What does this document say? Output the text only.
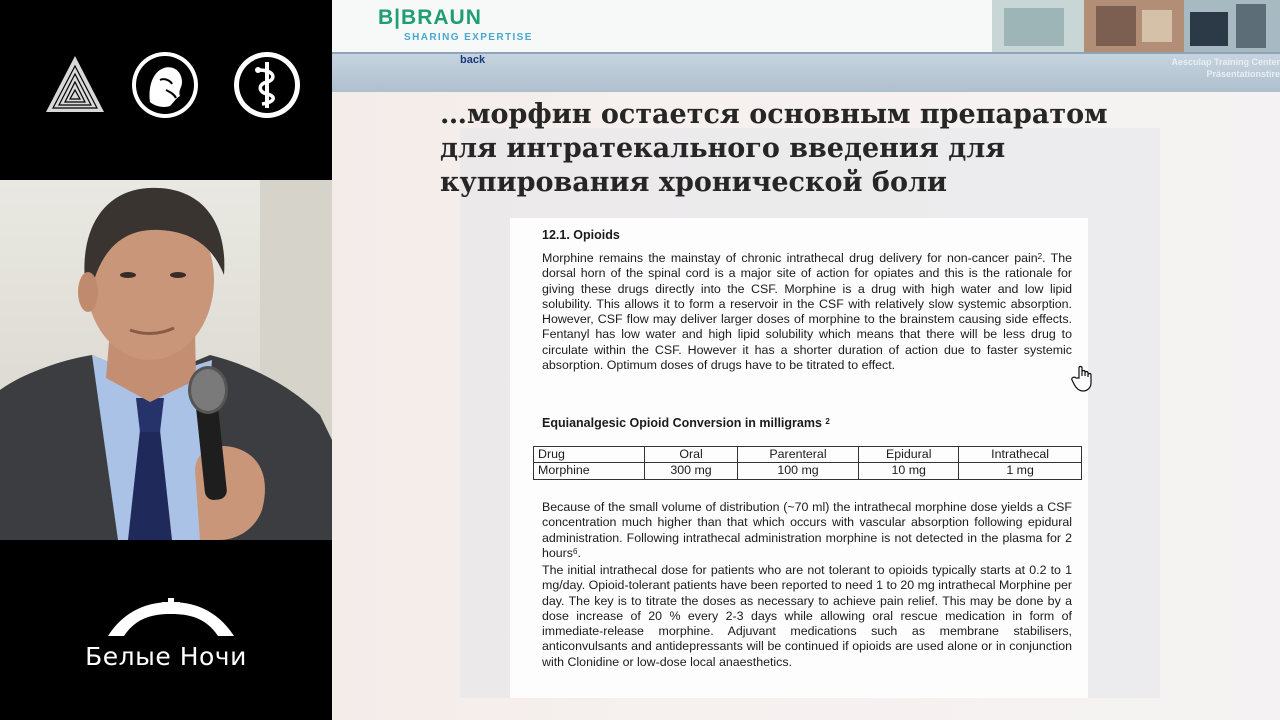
Белые Ночи
B|BRAUN
SHARING EXPERTISE
back	Aesculap Training Center
Präsentationstire
…морфин остается основным препаратом для интратекального введения для купирования хронической боли
12.1. Opioids
Morphine remains the mainstay of chronic intrathecal drug delivery for non-cancer pain$^2$. The dorsal horn of the spinal cord is a major site of action for opiates and this is the rationale for giving these drugs directly into the CSF. Morphine is a drug with high water and low lipid solubility. This allows it to form a reservoir in the CSF with relatively slow systemic absorption. However, CSF flow may deliver larger doses of morphine to the brainstem causing side effects. Fentanyl has low water and high lipid solubility which means that there will be less drug to circulate within the CSF. However it has a shorter duration of action due to faster systemic absorption. Optimum doses of drugs have to be titrated to effect.
Equianalgesic Opioid Conversion in milligrams $^2$
Drug	Oral	Parenteral	Epidural	Intrathecal
Morphine	300 mg	100 mg	10 mg	1 mg
Because of the small volume of distribution (~70 ml) the intrathecal morphine dose yields a CSF concentration much higher than that which occurs with vascular absorption following epidural administration. Following intrathecal administration morphine is not detected in the plasma for 2 hours$^6$.
The initial intrathecal dose for patients who are not tolerant to opioids typically starts at 0.2 to 1 mg/day. Opioid-tolerant patients have been reported to need 1 to 20 mg intrathecal Morphine per day. The key is to titrate the doses as necessary to achieve pain relief. This may be done by a dose increase of 20 % every 2-3 days while allowing oral rescue medication in form of immediate-release morphine. Adjuvant medications such as membrane stabilisers, anticonvulsants and antidepressants will be continued if opioids are used alone or in conjunction with Clonidine or low-dose local anaesthetics.
